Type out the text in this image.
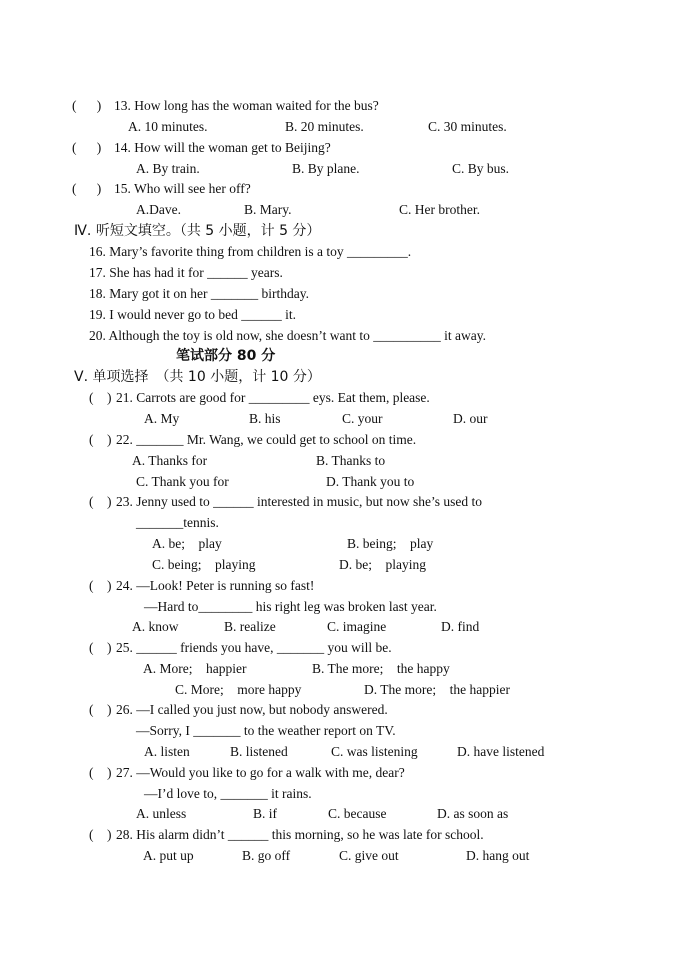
(      ) 13. How long has the woman waited for the bus?
A. 10 minutes.	B. 20 minutes.	C. 30 minutes.
(      ) 14. How will the woman get to Beijing?
A. By train.	B. By plane.	C. By bus.
(      ) 15. Who will see her off?
A.Dave.	B. Mary.	C. Her brother.
Ⅳ. 听短文填空。（共 5 小题，计 5 分）
16. Mary’s favorite thing from children is a toy _________.
17. She has had it for ______ years.
18. Mary got it on her _______ birthday.
19. I would never go to bed ______ it.
20. Although the toy is old now, she doesn’t want to __________ it away.
笔试部分 80 分
Ⅴ. 单项选择　（共 10 小题，计 10 分）
(    ) 21. Carrots are good for _________ eys. Eat them, please.
A. My	B. his	C. your	D. our
(    ) 22. _______ Mr. Wang, we could get to school on time.
A. Thanks for	B. Thanks to
C. Thank you for	D. Thank you to
(    ) 23. Jenny used to ______ interested in music, but now she’s used to
_______tennis.
A. be;    play	B. being;    play
C. being;    playing	D. be;    playing
(    ) 24. —Look! Peter is running so fast!
—Hard to________ his right leg was broken last year.
A. know	B. realize	C. imagine	D. find
(    ) 25. ______ friends you have, _______ you will be.
A. More;    happier	B. The more;    the happy
C. More;    more happy	D. The more;    the happier
(    ) 26. —I called you just now, but nobody answered.
—Sorry, I _______ to the weather report on TV.
A. listen	B. listened	C. was listening	D. have listened
(    ) 27. —Would you like to go for a walk with me, dear?
—I’d love to, _______ it rains.
A. unless	B. if	C. because	D. as soon as
(    ) 28. His alarm didn’t ______ this morning, so he was late for school.
A. put up	B. go off	C. give out	D. hang out
